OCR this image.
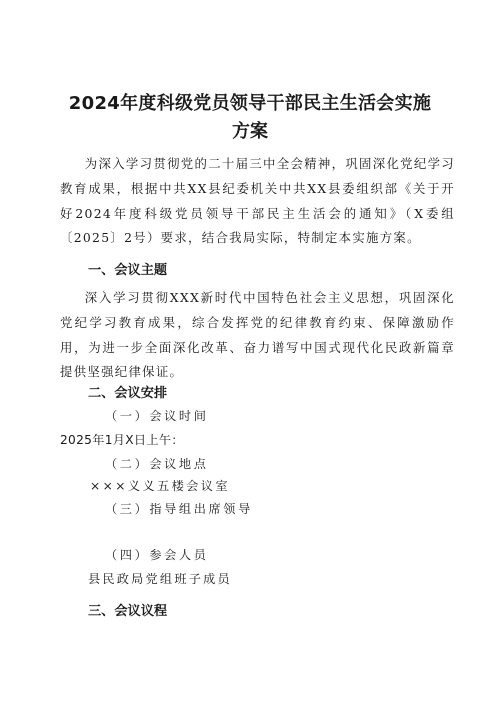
2024年度科级党员领导干部民主生活会实施
方案

为深入学习贯彻党的二十届三中全会精神，巩固深化党纪学习教育成果，根据中共XX县纪委机关中共XX县委组织部《关于开好2024年度科级党员领导干部民主生活会的通知》（X委组〔2025〕2号）要求，结合我局实际，特制定本实施方案。

一、会议主题

深入学习贯彻XXX新时代中国特色社会主义思想，巩固深化党纪学习教育成果，综合发挥党的纪律教育约束、保障激励作用，为进一步全面深化改革、奋力谱写中国式现代化民政新篇章提供坚强纪律保证。

二、会议安排

（一）会议时间

2025年1月X日上午：

（二）会议地点

×××义义五楼会议室

（三）指导组出席领导

（四）参会人员

县民政局党组班子成员

三、会议议程
